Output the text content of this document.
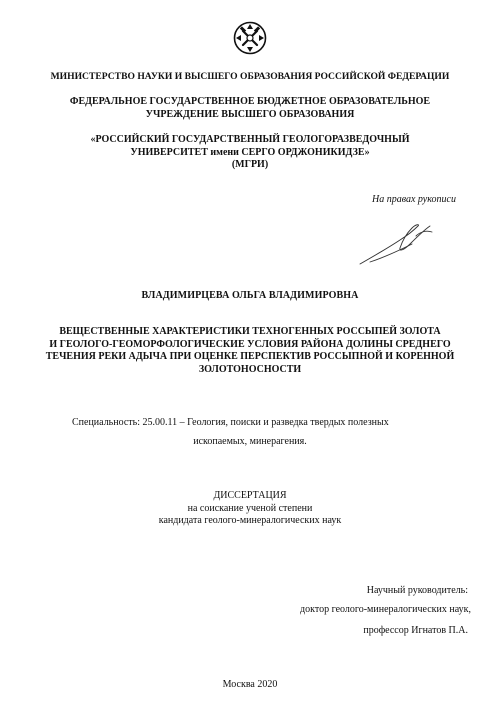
МИНИСТЕРСТВО НАУКИ И ВЫСШЕГО ОБРАЗОВАНИЯ РОССИЙСКОЙ ФЕДЕРАЦИИ
ФЕДЕРАЛЬНОЕ ГОСУДАРСТВЕННОЕ БЮДЖЕТНОЕ ОБРАЗОВАТЕЛЬНОЕ
УЧРЕЖДЕНИЕ ВЫСШЕГО ОБРАЗОВАНИЯ
«РОССИЙСКИЙ ГОСУДАРСТВЕННЫЙ ГЕОЛОГОРАЗВЕДОЧНЫЙ
УНИВЕРСИТЕТ имени СЕРГО ОРДЖОНИКИДЗЕ»
(МГРИ)
На правах рукописи
ВЛАДИМИРЦЕВА ОЛЬГА ВЛАДИМИРОВНА
ВЕЩЕСТВЕННЫЕ ХАРАКТЕРИСТИКИ ТЕХНОГЕННЫХ РОССЫПЕЙ ЗОЛОТА
И ГЕОЛОГО-ГЕОМОРФОЛОГИЧЕСКИЕ УСЛОВИЯ РАЙОНА ДОЛИНЫ СРЕДНЕГО
ТЕЧЕНИЯ РЕКИ АДЫЧА ПРИ ОЦЕНКЕ ПЕРСПЕКТИВ РОССЫПНОЙ И КОРЕННОЙ
ЗОЛОТОНОСНОСТИ
Специальность: 25.00.11 – Геология, поиски и разведка твердых полезных
ископаемых, минерагения.
ДИССЕРТАЦИЯ
на соискание ученой степени
кандидата геолого-минералогических наук
Научный руководитель:
доктор геолого-минералогических наук,
профессор Игнатов П.А.
Москва 2020
